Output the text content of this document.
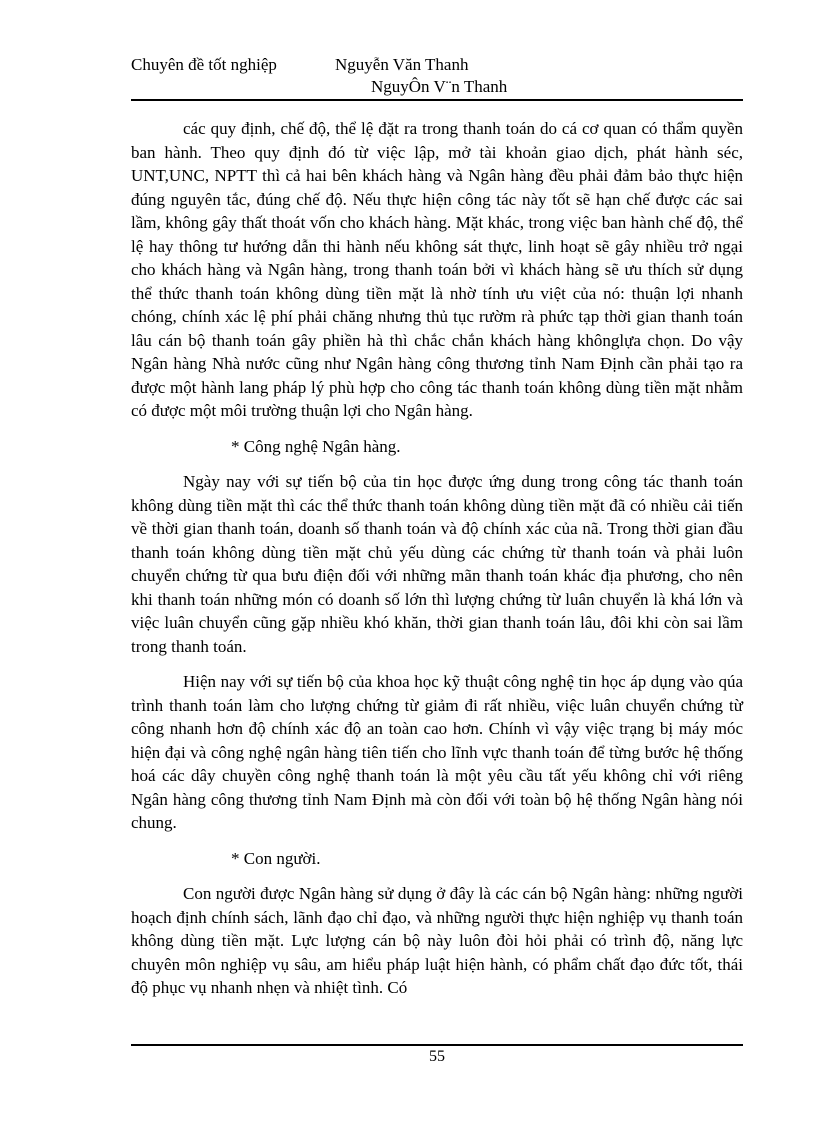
Chuyên đề tốt nghiệp	Nguyễn Văn Thanh
NguyÔn V¨n Thanh

các quy định, chế độ, thể lệ đặt ra trong thanh toán do cá cơ quan có thẩm quyền ban hành. Theo quy định đó từ việc lập, mở tài khoản giao dịch, phát hành séc, UNT,UNC, NPTT thì cả hai bên khách hàng và Ngân hàng đều phải đảm bảo thực hiện đúng nguyên tắc, đúng chế độ. Nếu thực hiện công tác này tốt sẽ hạn chế được các sai lầm, không gây thất thoát vốn cho khách hàng. Mặt khác, trong việc ban hành chế độ, thể lệ hay thông tư hướng dẫn thi hành nếu không sát thực, linh hoạt sẽ gây nhiều trở ngại cho khách hàng và Ngân hàng, trong thanh toán bởi vì khách hàng sẽ ưu thích sử dụng thể thức thanh toán không dùng tiền mặt là nhờ tính ưu việt của nó: thuận lợi nhanh chóng, chính xác lệ phí phải chăng nhưng thủ tục rườm rà phức tạp thời gian thanh toán lâu cán bộ thanh toán gây phiền hà thì chắc chắn khách hàng khônglựa chọn. Do vậy Ngân hàng Nhà nước cũng như Ngân hàng công thương tỉnh Nam Định cần phải tạo ra được một hành lang pháp lý phù hợp cho công tác thanh toán không dùng tiền mặt nhằm có được một môi trường thuận lợi cho Ngân hàng.

* Công nghệ Ngân hàng.

Ngày nay với sự tiến bộ của tin học được ứng dung trong công tác thanh toán không dùng tiền mặt thì các thể thức thanh toán không dùng tiền mặt đã có nhiều cải tiến về thời gian thanh toán, doanh số thanh toán và độ chính xác của nã. Trong thời gian đầu thanh toán không dùng tiền mặt chủ yếu dùng các chứng từ thanh toán và phải luôn chuyển chứng từ qua bưu điện đối với những mãn thanh toán khác địa phương, cho nên khi thanh toán những món có doanh số lớn thì lượng chứng từ luân chuyển là khá lớn và việc luân chuyển cũng gặp nhiều khó khăn, thời gian thanh toán lâu, đôi khi còn sai lầm trong thanh toán.

Hiện nay với sự tiến bộ của khoa học kỹ thuật công nghệ tin học áp dụng vào qúa trình thanh toán làm cho lượng chứng từ giảm đi rất nhiều, việc luân chuyển chứng từ công nhanh hơn độ chính xác độ an toàn cao hơn. Chính vì vậy việc trạng bị máy móc hiện đại và công nghệ ngân hàng tiên tiến cho lĩnh vực thanh toán để từng bước hệ thống hoá các dây chuyền công nghệ thanh toán là một yêu cầu tất yếu không chỉ với riêng Ngân hàng công thương tỉnh Nam Định mà còn đối với toàn bộ hệ thống Ngân hàng nói chung.

* Con người.

Con người được Ngân hàng sử dụng ở đây là các cán bộ Ngân hàng: những người hoạch định chính sách, lãnh đạo chỉ đạo, và những người thực hiện nghiệp vụ thanh toán không dùng tiền mặt. Lực lượng cán bộ này luôn đòi hỏi phải có trình độ, năng lực chuyên môn nghiệp vụ sâu, am hiểu pháp luật hiện hành, có phẩm chất đạo đức tốt, thái độ phục vụ nhanh nhẹn và nhiệt tình. Có

55
